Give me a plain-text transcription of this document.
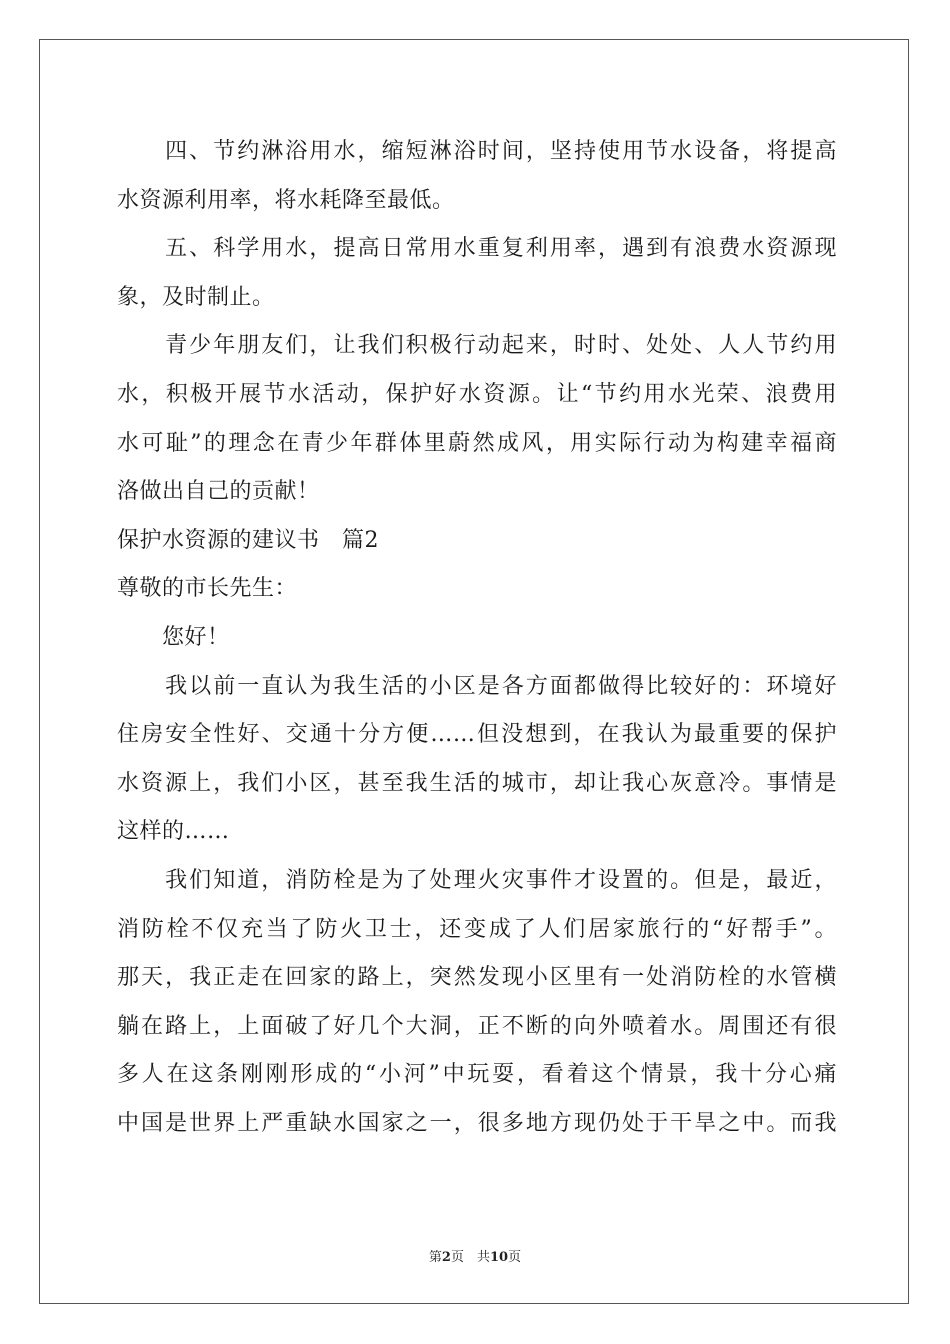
　　四、节约淋浴用水，缩短淋浴时间，坚持使用节水设备，将提高
水资源利用率，将水耗降至最低。
　　五、科学用水，提高日常用水重复利用率，遇到有浪费水资源现
象，及时制止。
　　青少年朋友们，让我们积极行动起来，时时、处处、人人节约用
水，积极开展节水活动，保护好水资源。让“节约用水光荣、浪费用
水可耻”的理念在青少年群体里蔚然成风，用实际行动为构建幸福商
洛做出自己的贡献！
保护水资源的建议书　篇2
尊敬的市长先生：
　　您好！
　　我以前一直认为我生活的小区是各方面都做得比较好的：环境好
住房安全性好、交通十分方便……但没想到，在我认为最重要的保护
水资源上，我们小区，甚至我生活的城市，却让我心灰意冷。事情是
这样的……
　　我们知道，消防栓是为了处理火灾事件才设置的。但是，最近，
消防栓不仅充当了防火卫士，还变成了人们居家旅行的“好帮手”。
那天，我正走在回家的路上，突然发现小区里有一处消防栓的水管横
躺在路上，上面破了好几个大洞，正不断的向外喷着水。周围还有很
多人在这条刚刚形成的“小河”中玩耍，看着这个情景，我十分心痛
中国是世界上严重缺水国家之一，很多地方现仍处于干旱之中。而我
第2页　共10页
